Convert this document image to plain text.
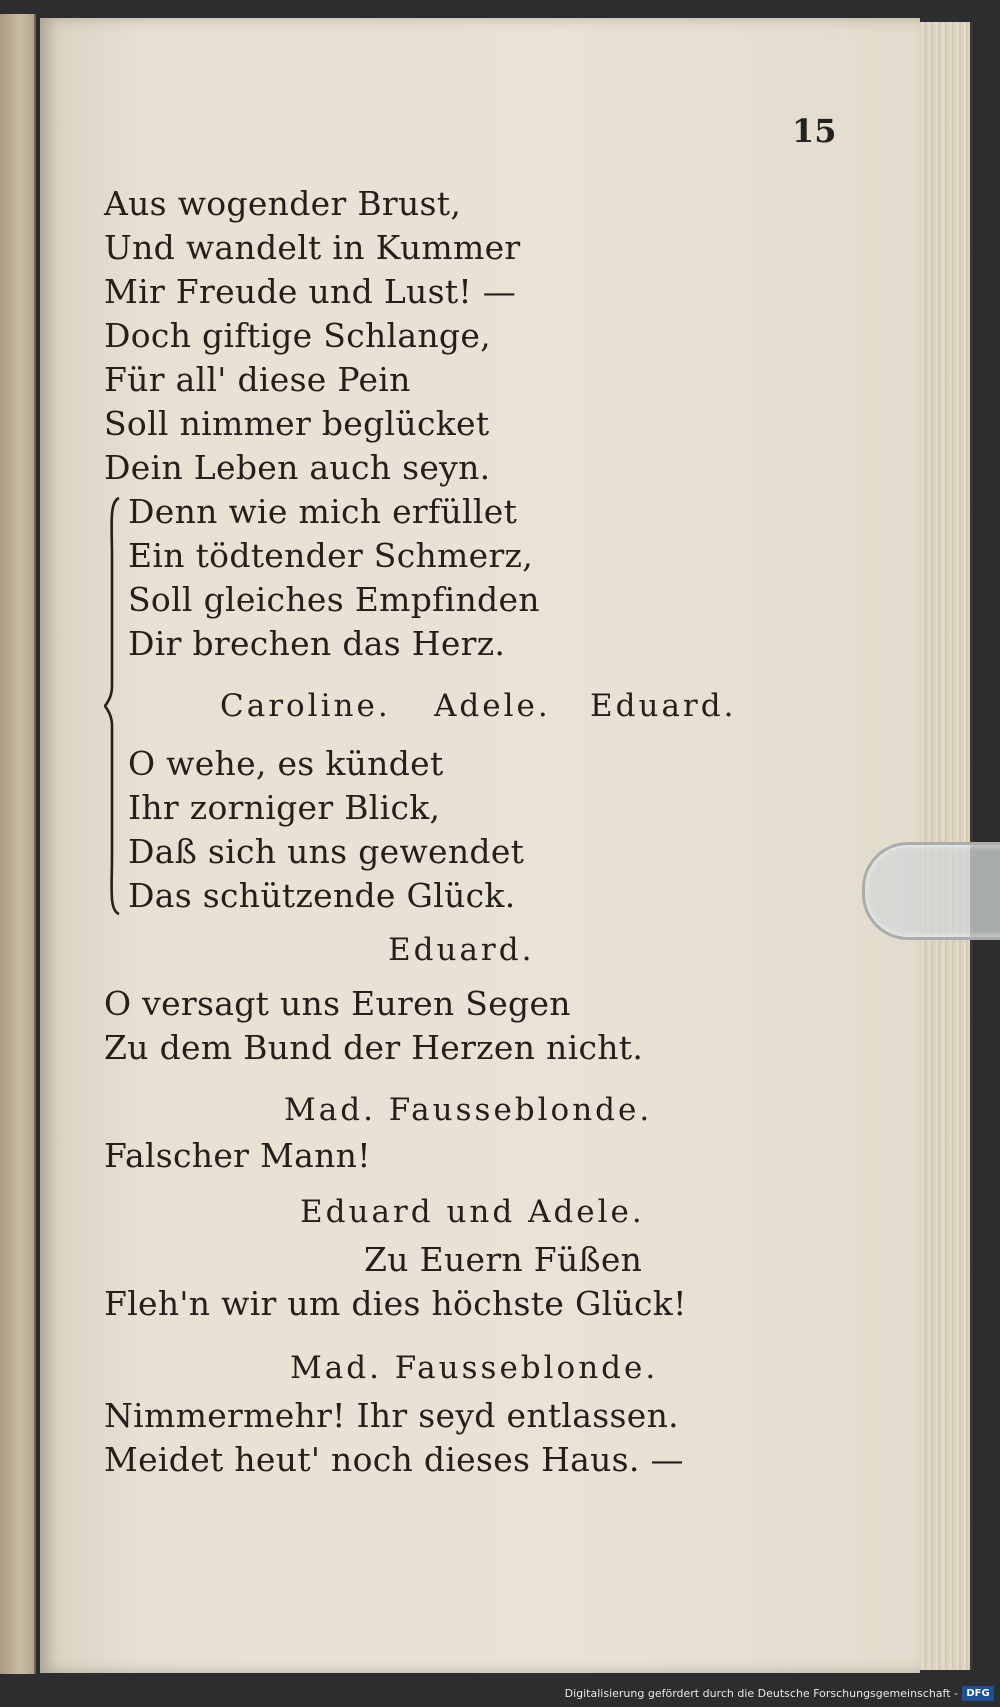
15
Aus wogender Brust,
Und wandelt in Kummer
Mir Freude und Lust! —
Doch giftige Schlange,
Für all' diese Pein
Soll nimmer beglücket
Dein Leben auch seyn.
Denn wie mich erfüllet
Ein tödtender Schmerz,
Soll gleiches Empfinden
Dir brechen das Herz.
Caroline. Adele. Eduard.
O wehe, es kündet
Ihr zorniger Blick,
Daß sich uns gewendet
Das schützende Glück.
Eduard.
O versagt uns Euren Segen
Zu dem Bund der Herzen nicht.
Mad. Fausseblonde.
Falscher Mann!
Eduard und Adele.
Zu Euern Füßen
Fleh'n wir um dies höchste Glück!
Mad. Fausseblonde.
Nimmermehr! Ihr seyd entlassen.
Meidet heut' noch dieses Haus. —
Digitalisierung gefördert durch die Deutsche Forschungsgemeinschaft - DFG
